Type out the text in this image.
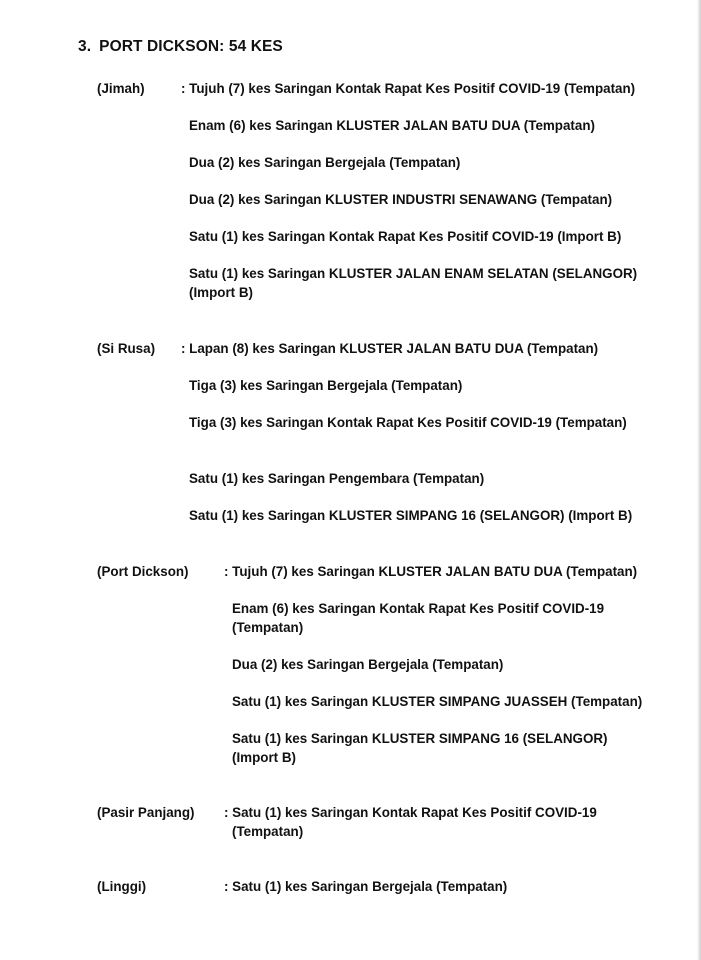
3. PORT DICKSON: 54 KES
(Jimah)	: Tujuh (7) kes Saringan Kontak Rapat Kes Positif COVID-19 (Tempatan)
Enam (6) kes Saringan KLUSTER JALAN BATU DUA (Tempatan)
Dua (2) kes Saringan Bergejala (Tempatan)
Dua (2) kes Saringan KLUSTER INDUSTRI SENAWANG (Tempatan)
Satu (1) kes Saringan Kontak Rapat Kes Positif COVID-19 (Import B)
Satu (1) kes Saringan KLUSTER JALAN ENAM SELATAN (SELANGOR)
(Import B)
(Si Rusa) : Lapan (8) kes Saringan KLUSTER JALAN BATU DUA (Tempatan)
Tiga (3) kes Saringan Bergejala (Tempatan)
Tiga (3) kes Saringan Kontak Rapat Kes Positif COVID-19 (Tempatan)
Satu (1) kes Saringan Pengembara (Tempatan)
Satu (1) kes Saringan KLUSTER SIMPANG 16 (SELANGOR) (Import B)
(Port Dickson)	: Tujuh (7) kes Saringan KLUSTER JALAN BATU DUA (Tempatan)
Enam (6) kes Saringan Kontak Rapat Kes Positif COVID-19
(Tempatan)
Dua (2) kes Saringan Bergejala (Tempatan)
Satu (1) kes Saringan KLUSTER SIMPANG JUASSEH (Tempatan)
Satu (1) kes Saringan KLUSTER SIMPANG 16 (SELANGOR)
(Import B)
(Pasir Panjang) : Satu (1) kes Saringan Kontak Rapat Kes Positif COVID-19
(Tempatan)
(Linggi)	: Satu (1) kes Saringan Bergejala (Tempatan)
